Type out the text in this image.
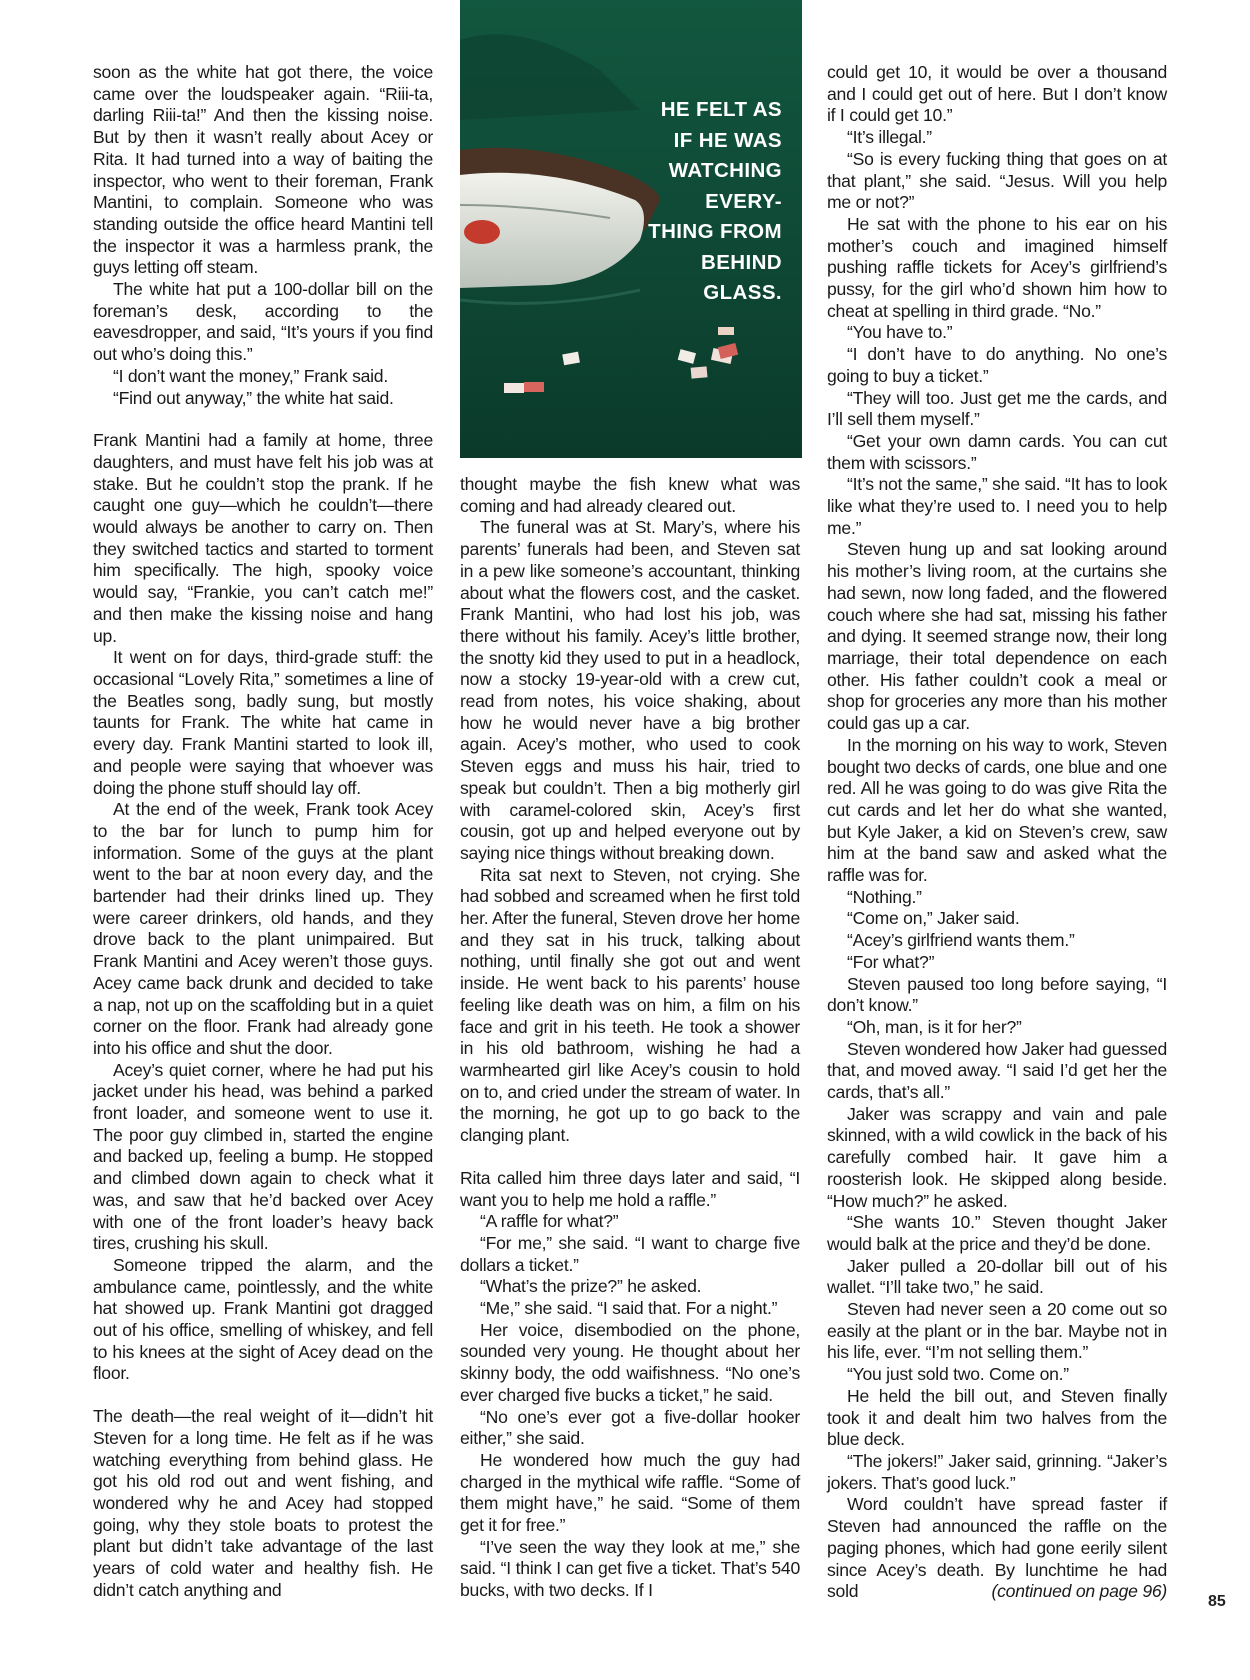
soon as the white hat got there, the voice came over the loudspeaker again. “Riii-ta, darling Riii-ta!” And then the kissing noise. But by then it wasn’t really about Acey or Rita. It had turned into a way of baiting the inspector, who went to their foreman, Frank Mantini, to complain. Someone who was standing outside the office heard Mantini tell the inspector it was a harmless prank, the guys letting off steam.

The white hat put a 100-dollar bill on the foreman’s desk, according to the eavesdropper, and said, “It’s yours if you find out who’s doing this.”

“I don’t want the money,” Frank said.

“Find out anyway,” the white hat said.

Frank Mantini had a family at home, three daughters, and must have felt his job was at stake. But he couldn’t stop the prank. If he caught one guy—which he couldn’t—there would always be another to carry on. Then they switched tactics and started to torment him specifically. The high, spooky voice would say, “Frankie, you can’t catch me!” and then make the kissing noise and hang up.

It went on for days, third-grade stuff: the occasional “Lovely Rita,” sometimes a line of the Beatles song, badly sung, but mostly taunts for Frank. The white hat came in every day. Frank Mantini started to look ill, and people were saying that whoever was doing the phone stuff should lay off.

At the end of the week, Frank took Acey to the bar for lunch to pump him for information. Some of the guys at the plant went to the bar at noon every day, and the bartender had their drinks lined up. They were career drinkers, old hands, and they drove back to the plant unimpaired. But Frank Mantini and Acey weren’t those guys. Acey came back drunk and decided to take a nap, not up on the scaffolding but in a quiet corner on the floor. Frank had already gone into his office and shut the door.

Acey’s quiet corner, where he had put his jacket under his head, was behind a parked front loader, and someone went to use it. The poor guy climbed in, started the engine and backed up, feeling a bump. He stopped and climbed down again to check what it was, and saw that he’d backed over Acey with one of the front loader’s heavy back tires, crushing his skull.

Someone tripped the alarm, and the ambulance came, pointlessly, and the white hat showed up. Frank Mantini got dragged out of his office, smelling of whiskey, and fell to his knees at the sight of Acey dead on the floor.

The death—the real weight of it—didn’t hit Steven for a long time. He felt as if he was watching everything from behind glass. He got his old rod out and went fishing, and wondered why he and Acey had stopped going, why they stole boats to protest the plant but didn’t take advantage of the last years of cold water and healthy fish. He didn’t catch anything and

HE FELT AS
IF HE WAS
WATCHING
EVERY-
THING FROM
BEHIND
GLASS.

thought maybe the fish knew what was coming and had already cleared out.

The funeral was at St. Mary’s, where his parents’ funerals had been, and Steven sat in a pew like someone’s accountant, thinking about what the flowers cost, and the casket. Frank Mantini, who had lost his job, was there without his family. Acey’s little brother, the snotty kid they used to put in a headlock, now a stocky 19-year-old with a crew cut, read from notes, his voice shaking, about how he would never have a big brother again. Acey’s mother, who used to cook Steven eggs and muss his hair, tried to speak but couldn’t. Then a big motherly girl with caramel-colored skin, Acey’s first cousin, got up and helped everyone out by saying nice things without breaking down.

Rita sat next to Steven, not crying. She had sobbed and screamed when he first told her. After the funeral, Steven drove her home and they sat in his truck, talking about nothing, until finally she got out and went inside. He went back to his parents’ house feeling like death was on him, a film on his face and grit in his teeth. He took a shower in his old bathroom, wishing he had a warmhearted girl like Acey’s cousin to hold on to, and cried under the stream of water. In the morning, he got up to go back to the clanging plant.

Rita called him three days later and said, “I want you to help me hold a raffle.”

“A raffle for what?”

“For me,” she said. “I want to charge five dollars a ticket.”

“What’s the prize?” he asked.

“Me,” she said. “I said that. For a night.”

Her voice, disembodied on the phone, sounded very young. He thought about her skinny body, the odd waifishness. “No one’s ever charged five bucks a ticket,” he said.

“No one’s ever got a five-dollar hooker either,” she said.

He wondered how much the guy had charged in the mythical wife raffle. “Some of them might have,” he said. “Some of them get it for free.”

“I’ve seen the way they look at me,” she said. “I think I can get five a ticket. That’s 540 bucks, with two decks. If I

could get 10, it would be over a thousand and I could get out of here. But I don’t know if I could get 10.”

“It’s illegal.”

“So is every fucking thing that goes on at that plant,” she said. “Jesus. Will you help me or not?”

He sat with the phone to his ear on his mother’s couch and imagined himself pushing raffle tickets for Acey’s girlfriend’s pussy, for the girl who’d shown him how to cheat at spelling in third grade. “No.”

“You have to.”

“I don’t have to do anything. No one’s going to buy a ticket.”

“They will too. Just get me the cards, and I’ll sell them myself.”

“Get your own damn cards. You can cut them with scissors.”

“It’s not the same,” she said. “It has to look like what they’re used to. I need you to help me.”

Steven hung up and sat looking around his mother’s living room, at the curtains she had sewn, now long faded, and the flowered couch where she had sat, missing his father and dying. It seemed strange now, their long marriage, their total dependence on each other. His father couldn’t cook a meal or shop for groceries any more than his mother could gas up a car.

In the morning on his way to work, Steven bought two decks of cards, one blue and one red. All he was going to do was give Rita the cut cards and let her do what she wanted, but Kyle Jaker, a kid on Steven’s crew, saw him at the band saw and asked what the raffle was for.

“Nothing.”

“Come on,” Jaker said.

“Acey’s girlfriend wants them.”

“For what?”

Steven paused too long before saying, “I don’t know.”

“Oh, man, is it for her?”

Steven wondered how Jaker had guessed that, and moved away. “I said I’d get her the cards, that’s all.”

Jaker was scrappy and vain and pale skinned, with a wild cowlick in the back of his carefully combed hair. It gave him a roosterish look. He skipped along beside. “How much?” he asked.

“She wants 10.” Steven thought Jaker would balk at the price and they’d be done.

Jaker pulled a 20-dollar bill out of his wallet. “I’ll take two,” he said.

Steven had never seen a 20 come out so easily at the plant or in the bar. Maybe not in his life, ever. “I’m not selling them.”

“You just sold two. Come on.”

He held the bill out, and Steven finally took it and dealt him two halves from the blue deck.

“The jokers!” Jaker said, grinning. “Jaker’s jokers. That’s good luck.”

Word couldn’t have spread faster if Steven had announced the raffle on the paging phones, which had gone eerily silent since Acey’s death. By lunchtime he had sold	(continued on page 96)

85
